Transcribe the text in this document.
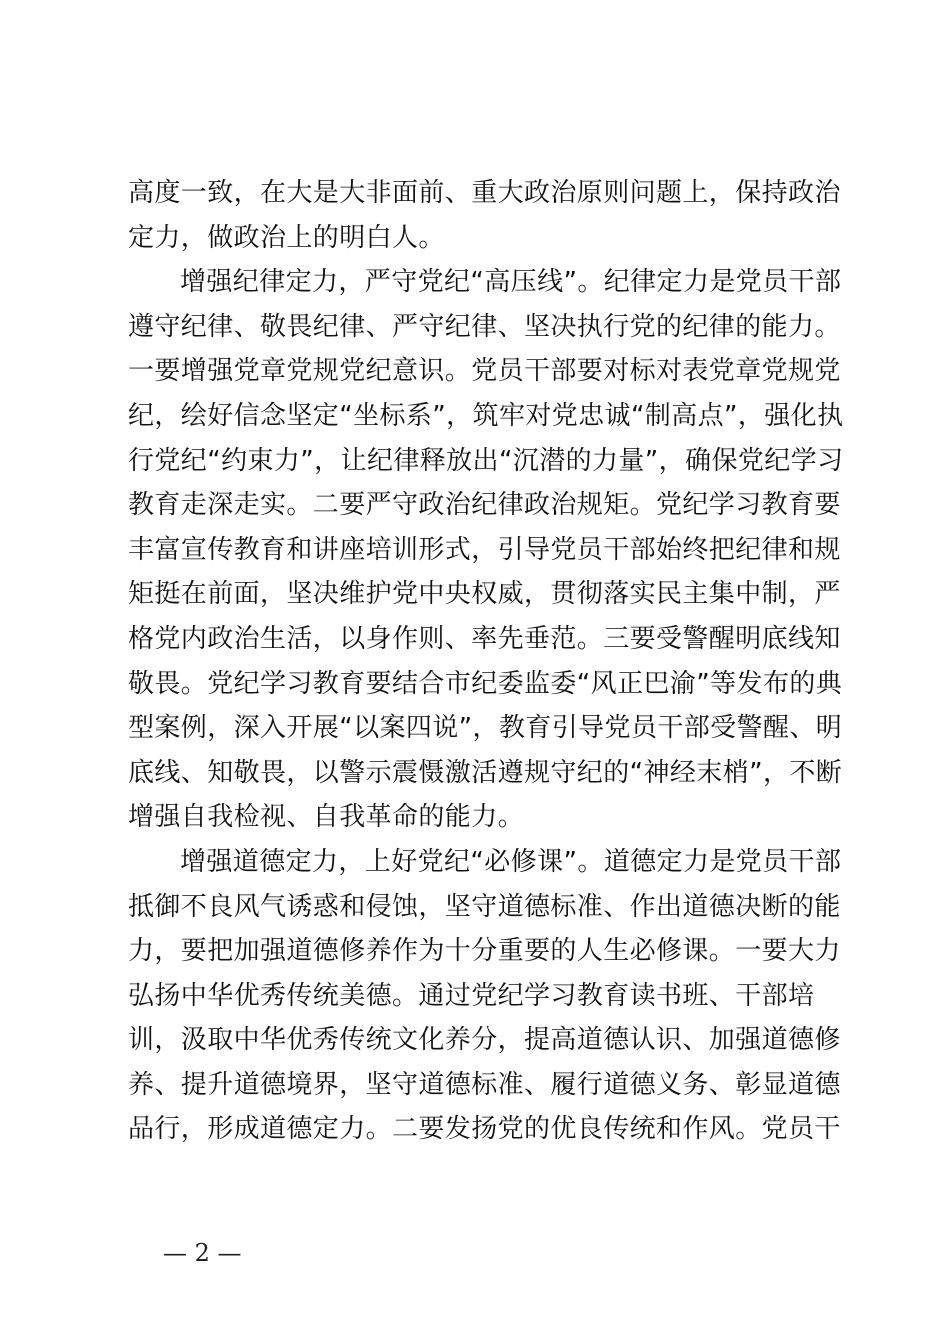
高度一致，在大是大非面前、重大政治原则问题上，保持政治
定力，做政治上的明白人。
增强纪律定力，严守党纪“高压线”。纪律定力是党员干部
遵守纪律、敬畏纪律、严守纪律、坚决执行党的纪律的能力。
一要增强党章党规党纪意识。党员干部要对标对表党章党规党
纪，绘好信念坚定“坐标系”，筑牢对党忠诚“制高点”，强化执
行党纪“约束力”，让纪律释放出“沉潜的力量”，确保党纪学习
教育走深走实。二要严守政治纪律政治规矩。党纪学习教育要
丰富宣传教育和讲座培训形式，引导党员干部始终把纪律和规
矩挺在前面，坚决维护党中央权威，贯彻落实民主集中制，严
格党内政治生活，以身作则、率先垂范。三要受警醒明底线知
敬畏。党纪学习教育要结合市纪委监委“风正巴渝”等发布的典
型案例，深入开展“以案四说”，教育引导党员干部受警醒、明
底线、知敬畏，以警示震慑激活遵规守纪的“神经末梢”，不断
增强自我检视、自我革命的能力。
增强道德定力，上好党纪“必修课”。道德定力是党员干部
抵御不良风气诱惑和侵蚀，坚守道德标准、作出道德决断的能
力，要把加强道德修养作为十分重要的人生必修课。一要大力
弘扬中华优秀传统美德。通过党纪学习教育读书班、干部培
训，汲取中华优秀传统文化养分，提高道德认识、加强道德修
养、提升道德境界，坚守道德标准、履行道德义务、彰显道德
品行，形成道德定力。二要发扬党的优良传统和作风。党员干
— 2 —
